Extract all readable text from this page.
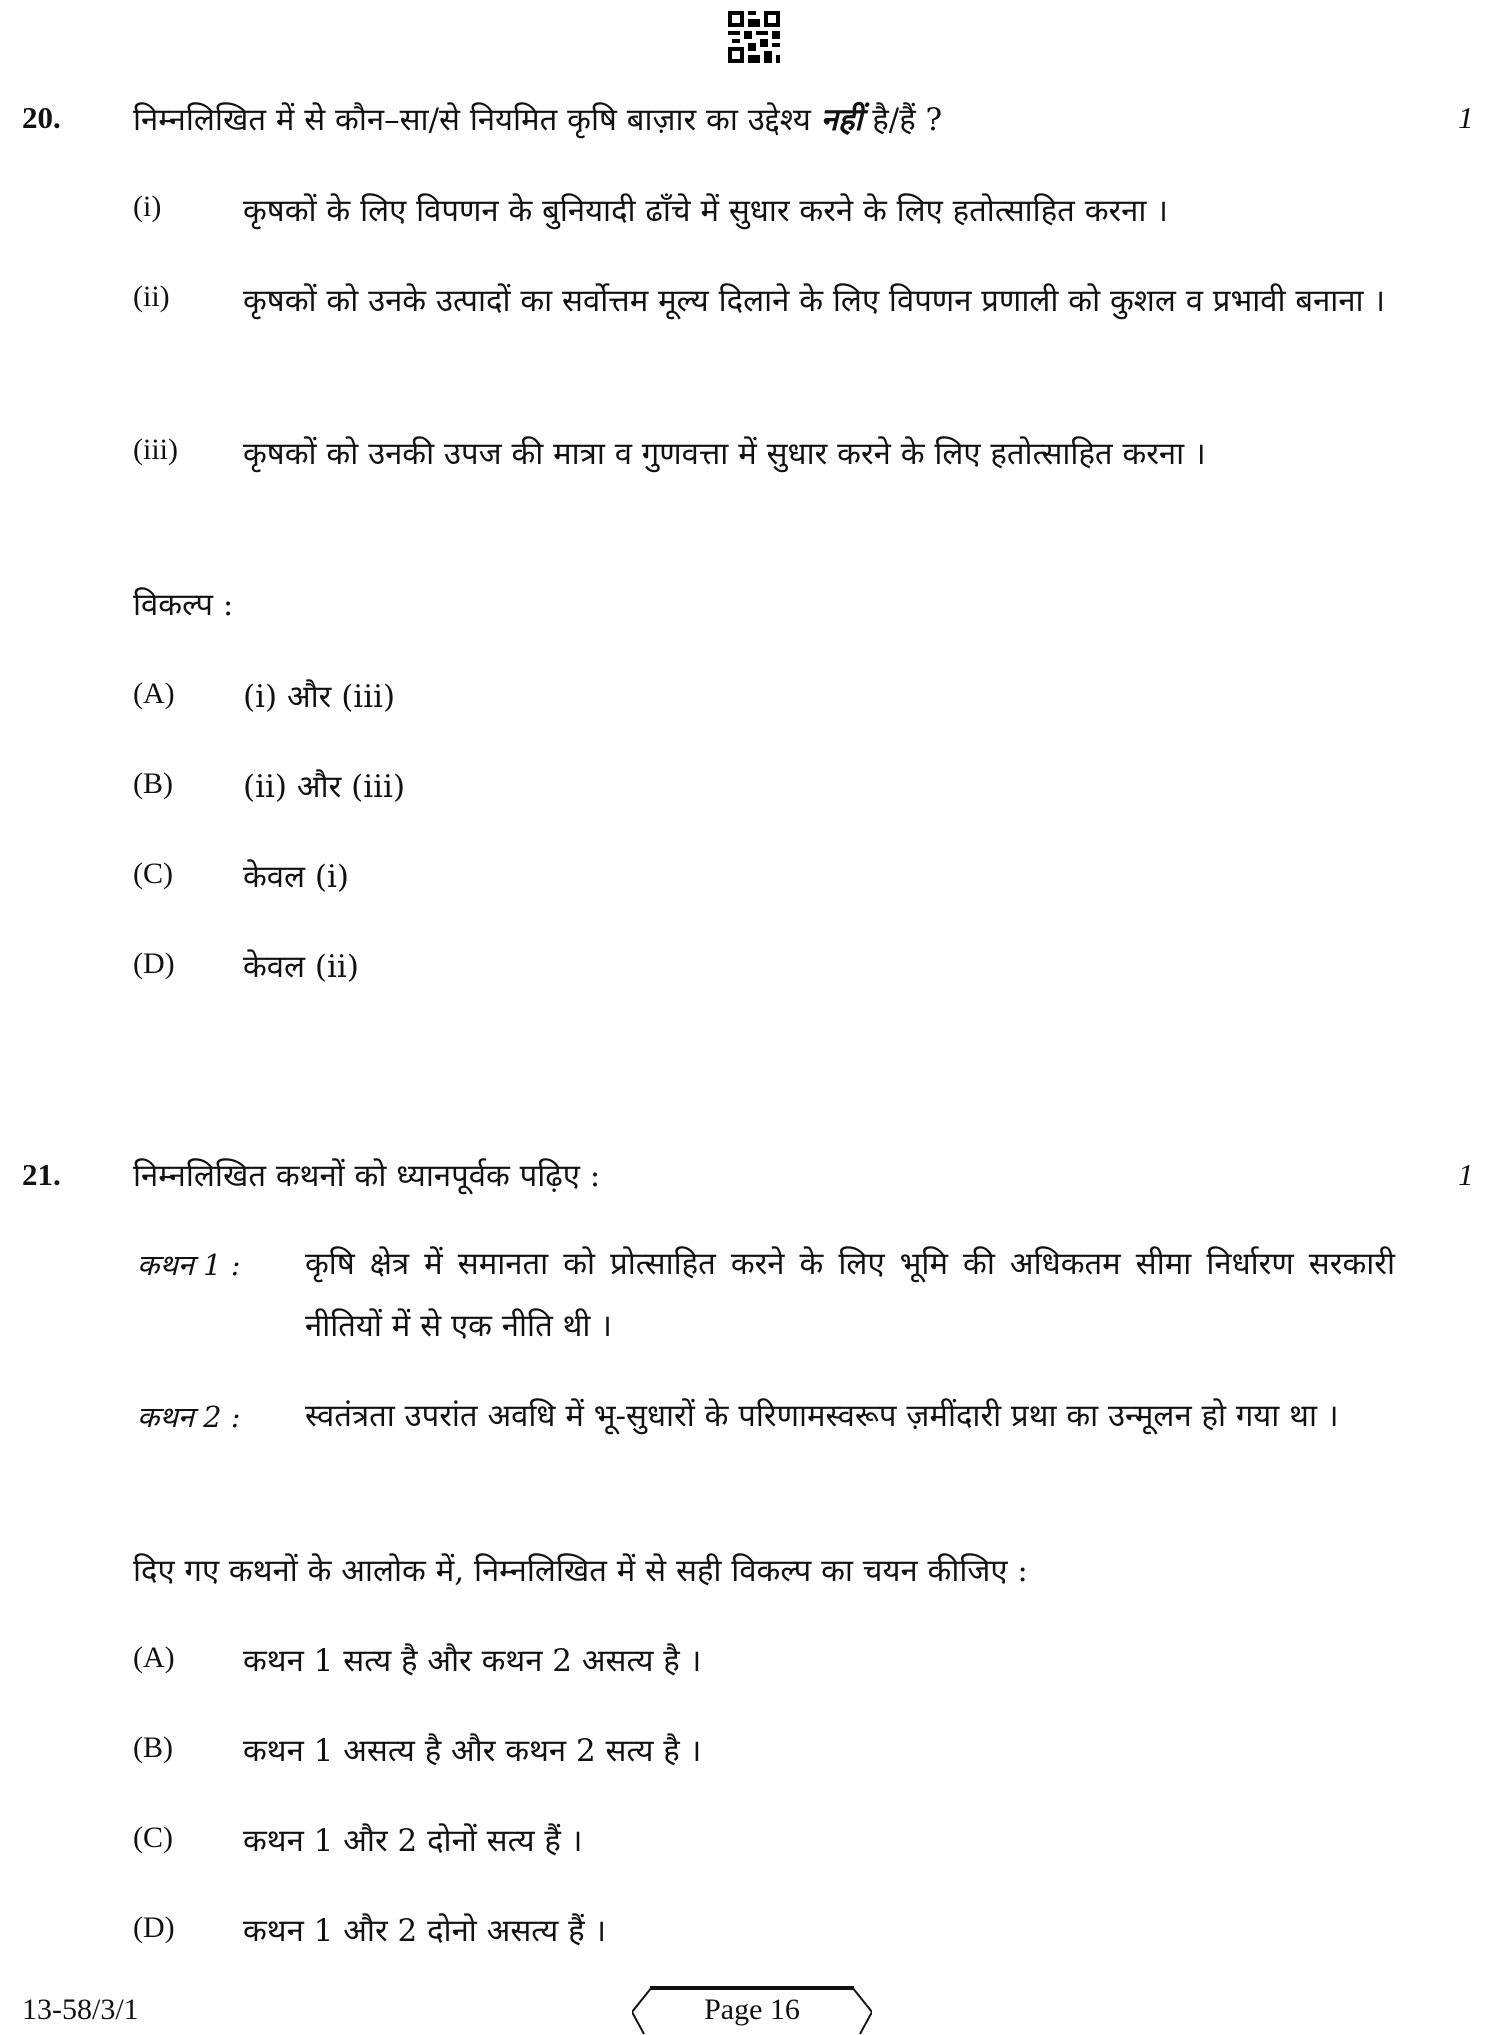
20. निम्नलिखित में से कौन–सा/से नियमित कृषि बाज़ार का उद्देश्य नहीं है/हैं ?	1
(i)	कृषकों के लिए विपणन के बुनियादी ढाँचे में सुधार करने के लिए हतोत्साहित करना ।
(ii) कृषकों को उनके उत्पादों का सर्वोत्तम मूल्य दिलाने के लिए विपणन प्रणाली को कुशल व प्रभावी बनाना ।
(iii) कृषकों को उनकी उपज की मात्रा व गुणवत्ता में सुधार करने के लिए हतोत्साहित करना ।
विकल्प :
(A) (i) और (iii)
(B) (ii) और (iii)
(C) केवल (i)
(D) केवल (ii)
21. निम्नलिखित कथनों को ध्यानपूर्वक पढ़िए :	1
कथन 1 : कृषि क्षेत्र में समानता को प्रोत्साहित करने के लिए भूमि की अधिकतम सीमा निर्धारण सरकारी नीतियों में से एक नीति थी ।
कथन 2 : स्वतंत्रता उपरांत अवधि में भू-सुधारों के परिणामस्वरूप ज़मींदारी प्रथा का उन्मूलन हो गया था ।
दिए गए कथनों के आलोक में, निम्नलिखित में से सही विकल्प का चयन कीजिए :
(A) कथन 1 सत्य है और कथन 2 असत्य है ।
(B) कथन 1 असत्य है और कथन 2 सत्य है ।
(C) कथन 1 और 2 दोनों सत्य हैं ।
(D) कथन 1 और 2 दोनो असत्य हैं ।
13-58/3/1	Page 16
